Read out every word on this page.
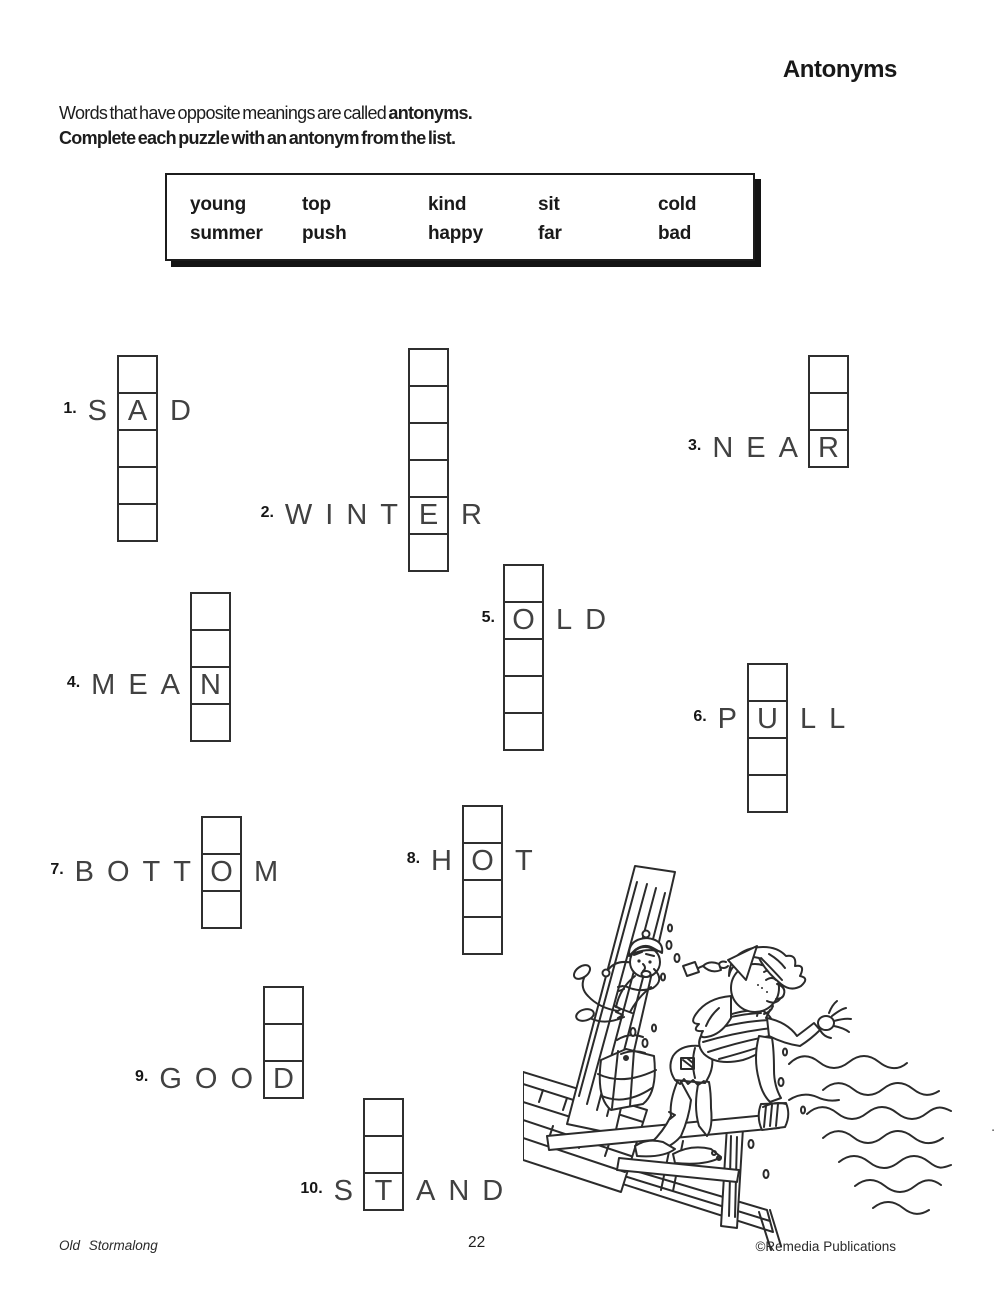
Antonyms
Words that have opposite meanings are called antonyms.
Complete each puzzle with an antonym from the list.
young	top	kind	sit	cold
summer	push	happy	far	bad
A
E
R
N
O
U
O	O
D
T
Old Stormalong	22	©Remedia Publications
.
1. S D
2. WINT R
3. NEA
4. MEA
5. LD
6. P LL
7. BOTT M	8. H T
9. GOO
10. S AND
